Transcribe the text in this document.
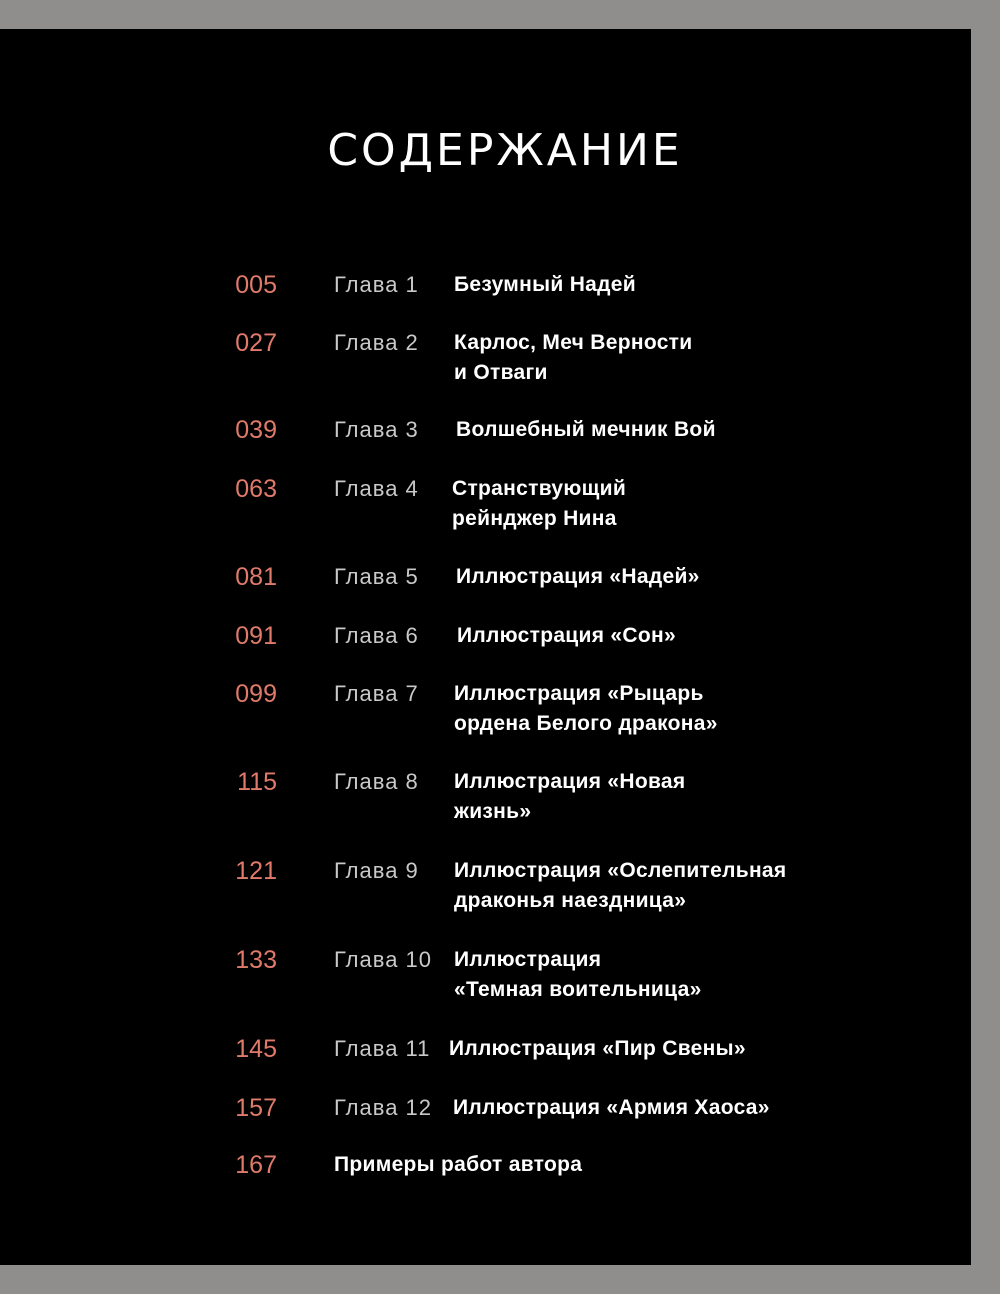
СОДЕРЖАНИЕ
005	Глава 1 Безумный Надей
027	Глава 2 Карлос, Меч Верности
и Отваги
039	Глава 3 Волшебный мечник Вой
063	Глава 4 Странствующий
рейнджер Нина
081	Глава 5 Иллюстрация «Надей»
091	Глава 6 Иллюстрация «Сон»
099	Глава 7 Иллюстрация «Рыцарь
ордена Белого дракона»
115	Глава 8 Иллюстрация «Новая
жизнь»
121	Глава 9 Иллюстрация «Ослепительная
драконья наездница»
133	Глава 10 Иллюстрация
«Темная воительница»
145	Глава 11 Иллюстрация «Пир Свены»
157	Глава 12 Иллюстрация «Армия Хаоса»
167	Примеры работ автора
